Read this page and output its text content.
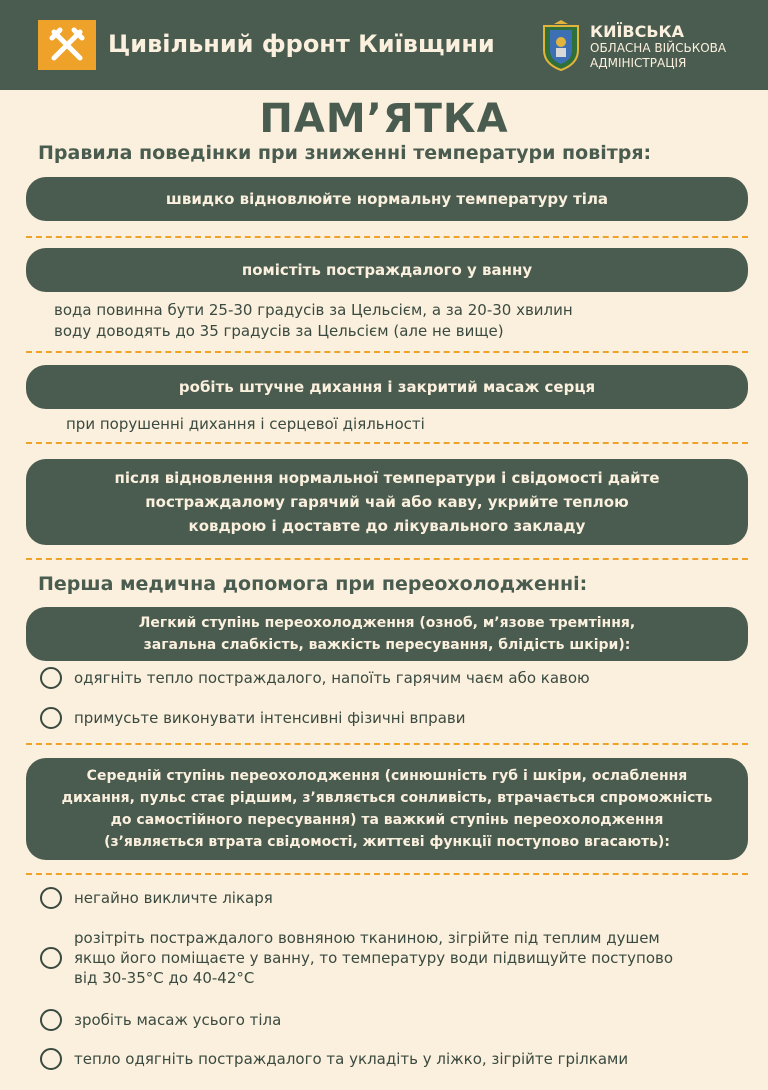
Цивільний фронт Київщини	КИЇВСЬКА
ОБЛАСНА ВІЙСЬКОВА
АДМІНІСТРАЦІЯ
ПАМ’ЯТКА
Правила поведінки при зниженні температури повітря:
швидко відновлюйте нормальну температуру тіла
помістіть постраждалого у ванну
вода повинна бути 25-30 градусів за Цельсієм, а за 20-30 хвилин
воду доводять до 35 градусів за Цельсієм (але не вище)
робіть штучне дихання і закритий масаж серця
при порушенні дихання і серцевої діяльності
після відновлення нормальної температури і свідомості дайте
постраждалому гарячий чай або каву, укрийте теплою
ковдрою і доставте до лікувального закладу
Перша медична допомога при переохолодженні:
Легкий ступінь переохолодження (озноб, м’язове тремтіння,
загальна слабкість, важкість пересування, блідість шкіри):
одягніть тепло постраждалого, напоїть гарячим чаєм або кавою
примусьте виконувати інтенсивні фізичні вправи
Середній ступінь переохолодження (синюшність губ і шкіри, ослаблення
дихання, пульс стає рідшим, з’являється сонливість, втрачається спроможність
до самостійного пересування) та важкий ступінь переохолодження
(з’являється втрата свідомості, життєві функції поступово вгасають):
негайно викличте лікаря
розітріть постраждалого вовняною тканиною, зігрійте під теплим душем
якщо його поміщаєте у ванну, то температуру води підвищуйте поступово
від 30-35°С до 40-42°С
зробіть масаж усього тіла
тепло одягніть постраждалого та укладіть у ліжко, зігрійте грілками
